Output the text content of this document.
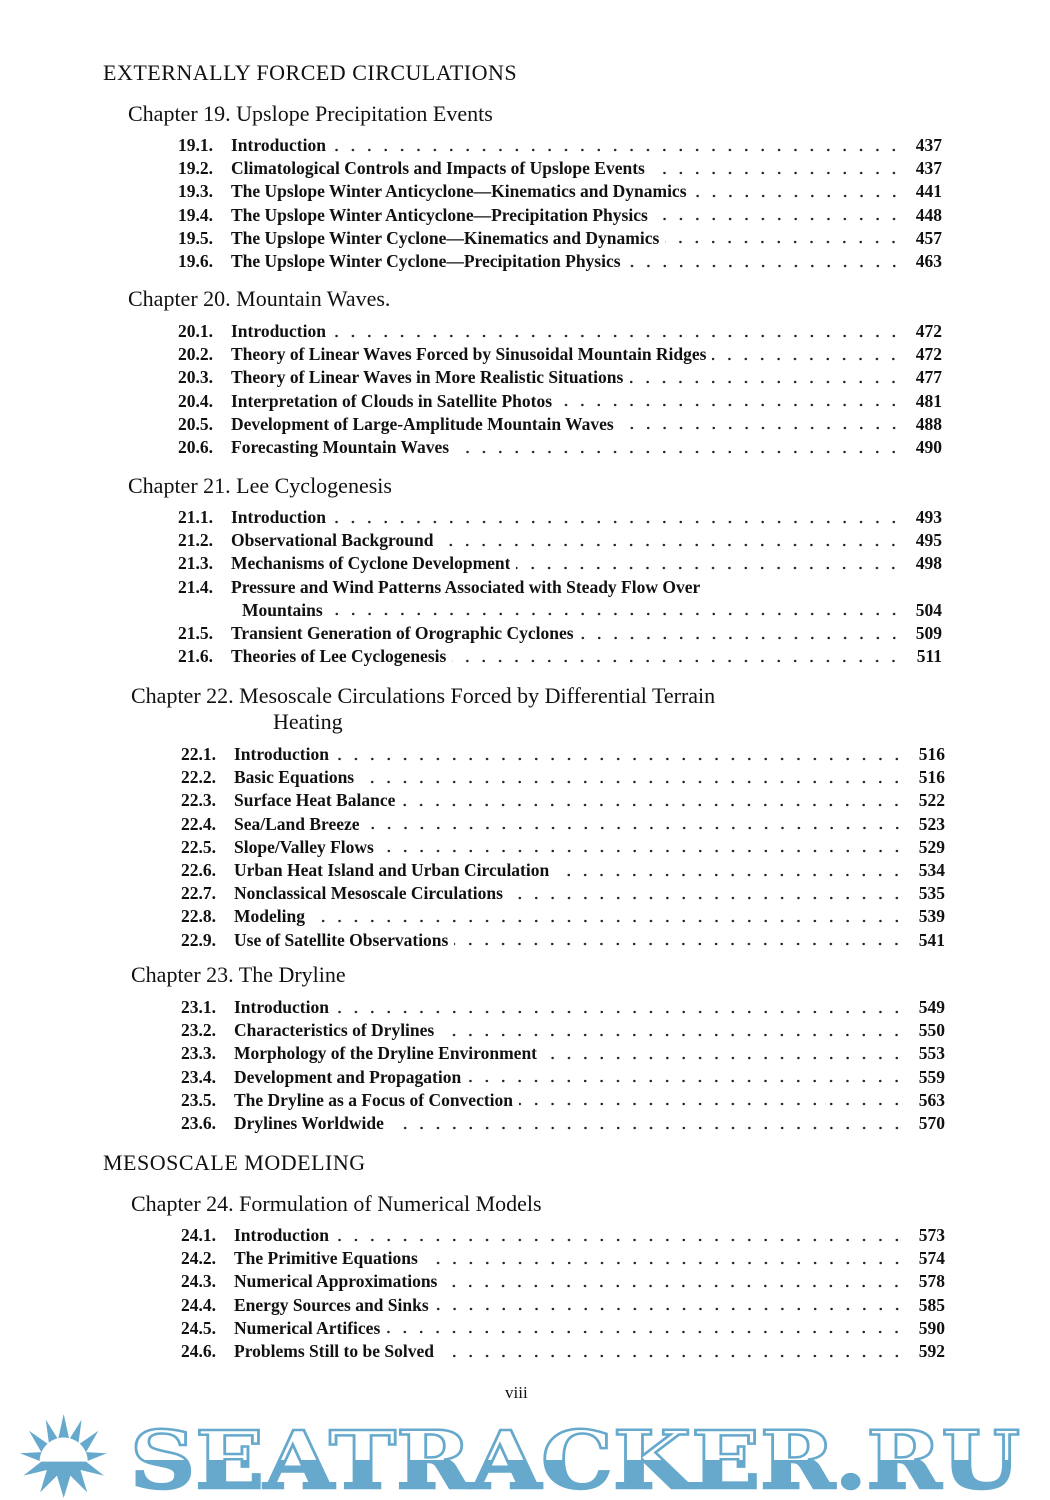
EXTERNALLY FORCED CIRCULATIONS
MESOSCALE MODELING
Chapter 19. Upslope Precipitation Events
19.1.	Introduction	437
19.2.	Climatological Controls and Impacts of Upslope Events	437
19.3.	The Upslope Winter Anticyclone—Kinematics and Dynamics	441
19.4.	The Upslope Winter Anticyclone—Precipitation Physics	448
19.5.	The Upslope Winter Cyclone—Kinematics and Dynamics	457
19.6.	The Upslope Winter Cyclone—Precipitation Physics	463
Chapter 20. Mountain Waves.
20.1.	Introduction	472
20.2.	Theory of Linear Waves Forced by Sinusoidal Mountain Ridges	472
20.3.	Theory of Linear Waves in More Realistic Situations	477
20.4.	Interpretation of Clouds in Satellite Photos	481
20.5.	Development of Large-Amplitude Mountain Waves	488
20.6.	Forecasting Mountain Waves	490
Chapter 21. Lee Cyclogenesis
21.1.	Introduction	493
21.2.	Observational Background	495
21.3.	Mechanisms of Cyclone Development	498
21.4.	Pressure and Wind Patterns Associated with Steady Flow Over
Mountains	504
21.5.	Transient Generation of Orographic Cyclones	509
21.6.	Theories of Lee Cyclogenesis	511
Chapter 22. Mesoscale Circulations Forced by Differential Terrain
Heating
22.1.	Introduction	516
22.2.	Basic Equations	516
22.3.	Surface Heat Balance	522
22.4.	Sea/Land Breeze	523
22.5.	Slope/Valley Flows	529
22.6.	Urban Heat Island and Urban Circulation	534
22.7.	Nonclassical Mesoscale Circulations	535
22.8.	Modeling	539
22.9.	Use of Satellite Observations	541
Chapter 23. The Dryline
23.1.	Introduction	549
23.2.	Characteristics of Drylines	550
23.3.	Morphology of the Dryline Environment	553
23.4.	Development and Propagation	559
23.5.	The Dryline as a Focus of Convection	563
23.6.	Drylines Worldwide	570
Chapter 24. Formulation of Numerical Models
24.1.	Introduction	573
24.2.	The Primitive Equations	574
24.3.	Numerical Approximations	578
24.4.	Energy Sources and Sinks	585
24.5.	Numerical Artifices	590
24.6.	Problems Still to be Solved	592
viii
SEATRACKER.RU
